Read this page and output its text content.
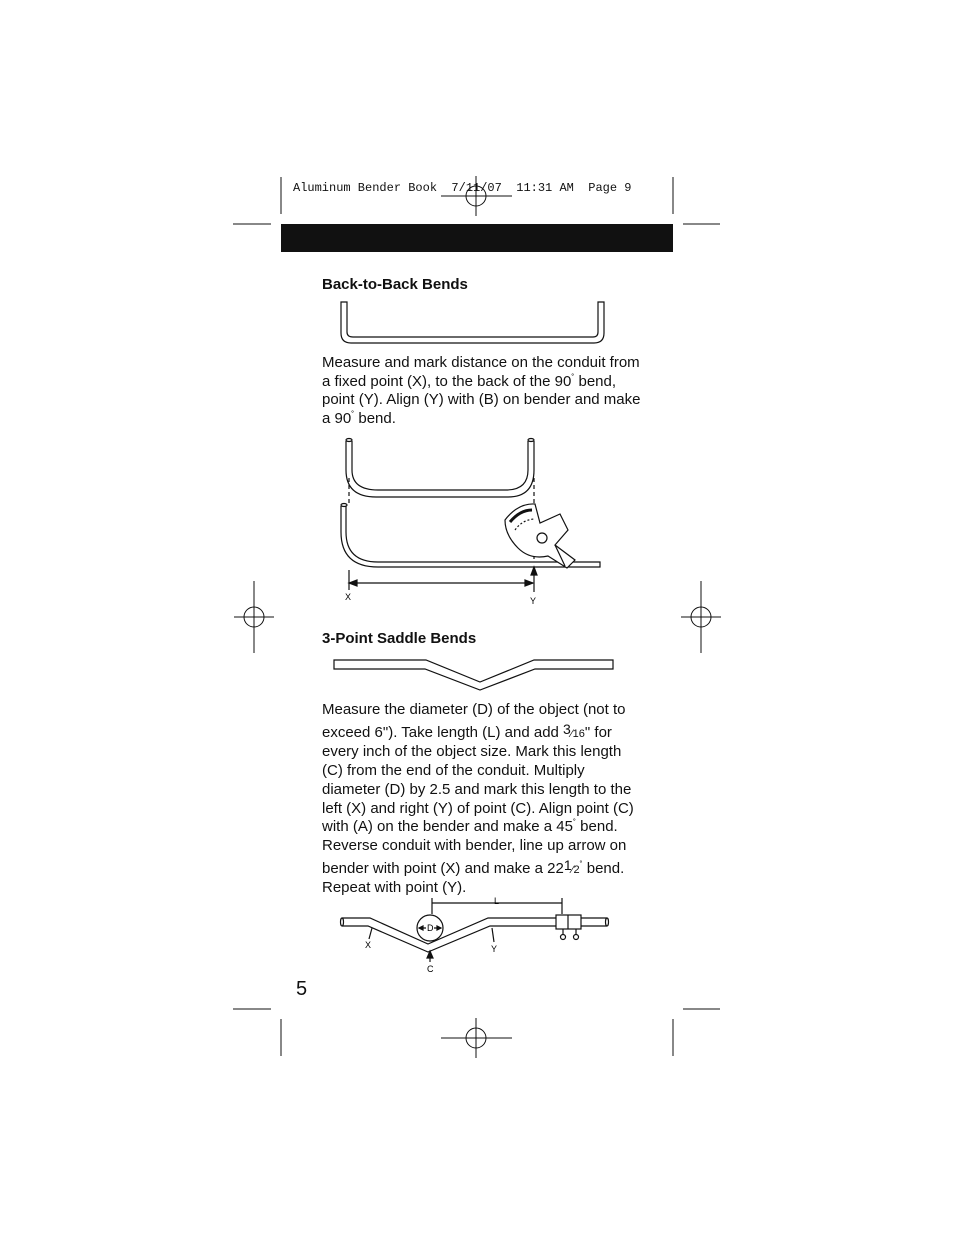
Aluminum Bender Book  7/11/07  11:31 AM  Page 9
Back-to-Back Bends
Measure and mark distance on the conduit from a fixed point (X), to the back of the 90˚ bend, point (Y). Align (Y) with (B) on bender and make a 90˚ bend.
X	Y
3-Point Saddle Bends
Measure the diameter (D) of the object (not to exceed 6"). Take length (L) and add 3⁄16" for every inch of the object size. Mark this length (C) from the end of the conduit. Multiply diameter (D) by 2.5 and mark this length to the left (X) and right (Y) of point (C). Align point (C) with (A) on the bender and make a 45˚ bend. Reverse conduit with bender, line up arrow on bender with point (X) and make a 221⁄2˚ bend. Repeat with point (Y).
L
D
X	Y
C
5
